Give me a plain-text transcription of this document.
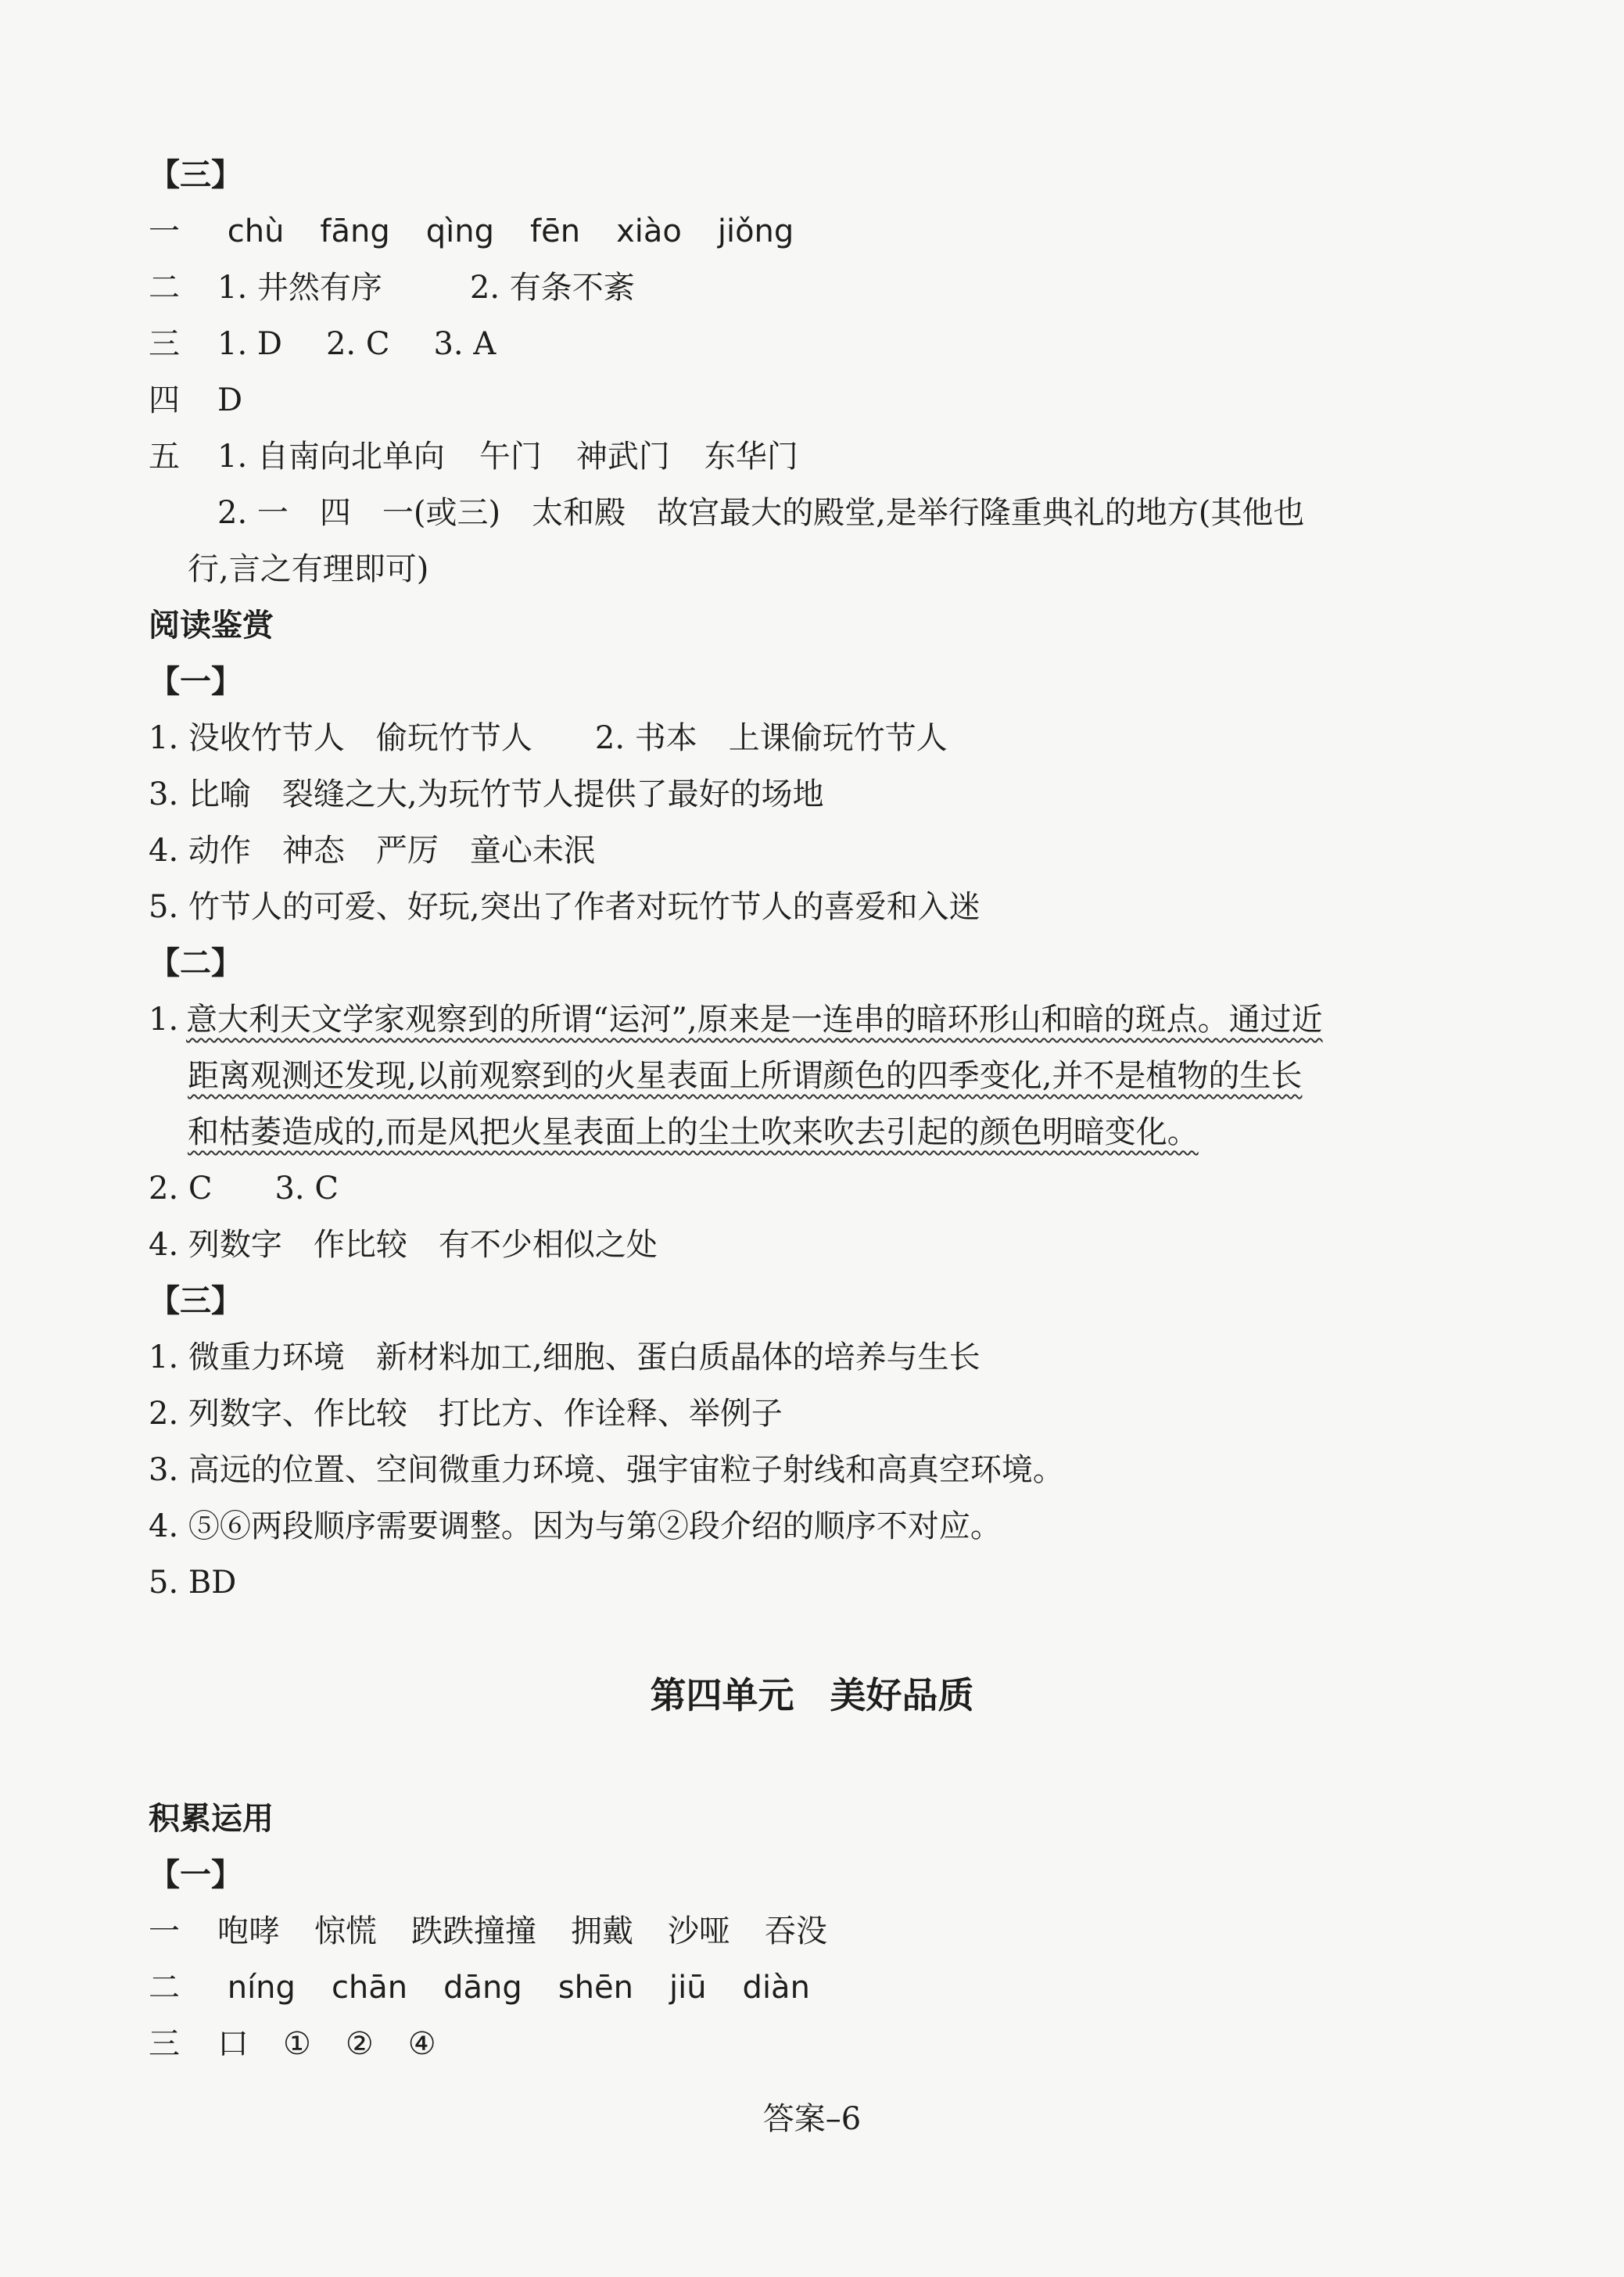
【三】
一 chù fāng qìng fēn xiào jiǒng
二 1. 井然有序	2. 有条不紊
三 1. D 2. C 3. A
四 D
五 1. 自南向北单向 午门 神武门 东华门
2. 一　四　一(或三)　太和殿　故宫最大的殿堂,是举行隆重典礼的地方(其他也
行,言之有理即可)
阅读鉴赏
【一】
1. 没收竹节人　偷玩竹节人　　2. 书本　上课偷玩竹节人
3. 比喻　裂缝之大,为玩竹节人提供了最好的场地
4. 动作　神态　严厉　童心未泯
5. 竹节人的可爱、好玩,突出了作者对玩竹节人的喜爱和入迷
【二】
1. 意大利天文学家观察到的所谓“运河”,原来是一连串的暗环形山和暗的斑点。通过近
距离观测还发现,以前观察到的火星表面上所谓颜色的四季变化,并不是植物的生长
和枯萎造成的,而是风把火星表面上的尘土吹来吹去引起的颜色明暗变化。
2. C　　3. C
4. 列数字　作比较　有不少相似之处
【三】
1. 微重力环境　新材料加工,细胞、蛋白质晶体的培养与生长
2. 列数字、作比较　打比方、作诠释、举例子
3. 高远的位置、空间微重力环境、强宇宙粒子射线和高真空环境。
4. ⑤⑥两段顺序需要调整。因为与第②段介绍的顺序不对应。
5. BD
第四单元　美好品质
积累运用
【一】
一 咆哮 惊慌 跌跌撞撞 拥戴 沙哑 吞没
二 níng chān dāng shēn jiū diàn
三 口 ① ② ④
答案–6
